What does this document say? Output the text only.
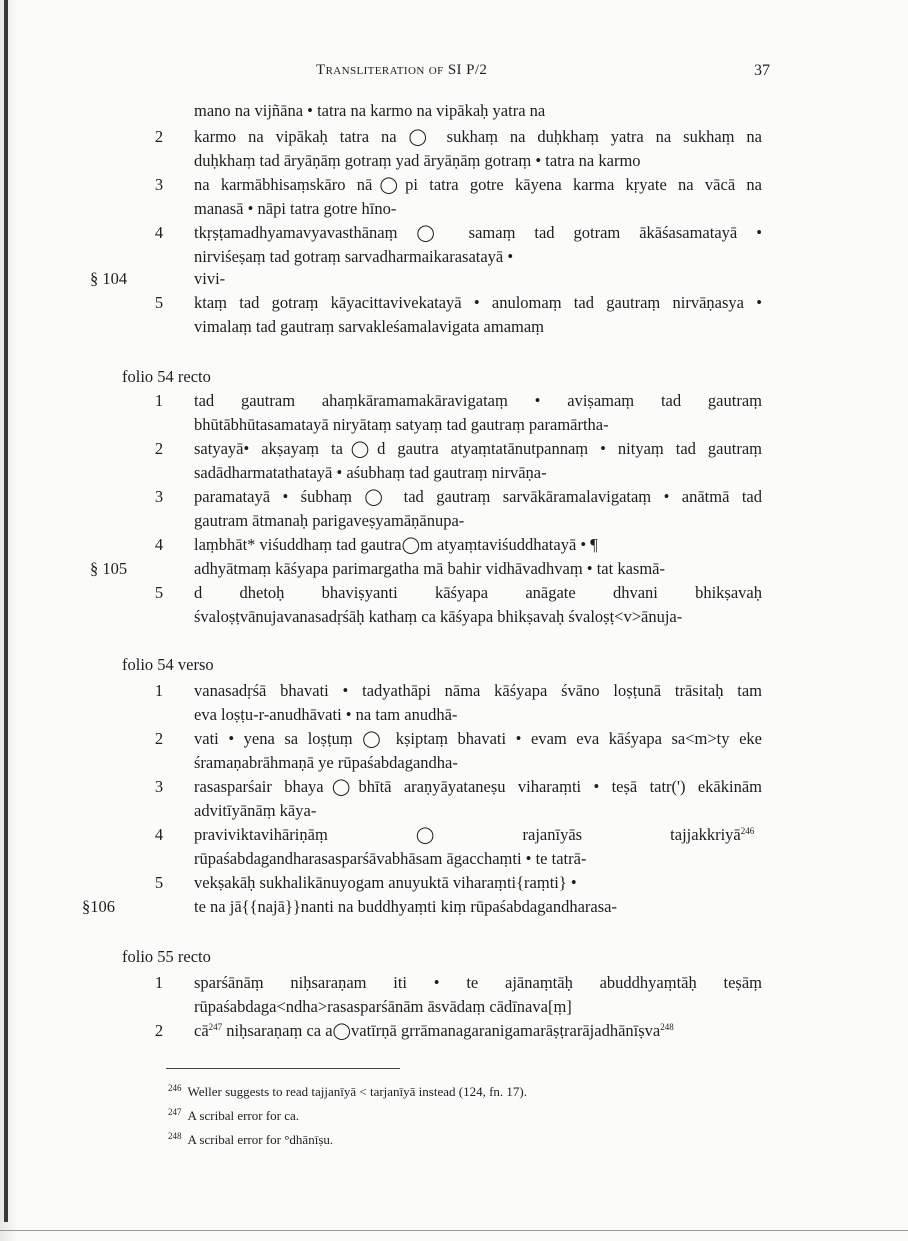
Transliteration of SI P/2	37
mano na vijñāna • tatra na karmo na vipākaḥ yatra na
2 karmo na vipākaḥ tatra na ◯ sukhaṃ na duḥkhaṃ yatra na sukhaṃ na
duḥkhaṃ tad āryāṇāṃ gotraṃ yad āryāṇāṃ gotraṃ • tatra na karmo
3 na karmābhisaṃskāro nā◯pi tatra gotre kāyena karma kṛyate na vācā na
manasā • nāpi tatra gotre hīno-
4 tkṛṣṭamadhyamavyavasthānaṃ ◯ samaṃ tad gotram ākāśasamatayā •
nirviśeṣaṃ tad gotraṃ sarvadharmaikarasatayā •
§ 104	vivi-
5 ktaṃ tad gotraṃ kāyacittavivekatayā • anulomaṃ tad gautraṃ nirvāṇasya •
vimalaṃ tad gautraṃ sarvakleśamalavigata amamaṃ
folio 54 recto
1 tad gautram ahaṃkāramamakāravigataṃ • aviṣamaṃ tad gautraṃ
bhūtābhūtasamatayā niryātaṃ satyaṃ tad gautraṃ paramārtha-
2 satyayā• akṣayaṃ ta◯d gautra atyaṃtatānutpannaṃ • nityaṃ tad gautraṃ
sadādharmatathatayā • aśubhaṃ tad gautraṃ nirvāṇa-
3 paramatayā • śubhaṃ ◯ tad gautraṃ sarvākāramalavigataṃ • anātmā tad
gautram ātmanaḥ parigaveṣyamāṇānupa-
4 laṃbhāt* viśuddhaṃ tad gautra◯m atyaṃtaviśuddhatayā • ¶
§ 105	adhyātmaṃ kāśyapa parimargatha mā bahir vidhāvadhvaṃ • tat kasmā-
5 d dhetoḥ bhaviṣyanti kāśyapa anāgate dhvani bhikṣavaḥ
śvaloṣṭvānujavanasadṛśāḥ kathaṃ ca kāśyapa bhikṣavaḥ śvaloṣṭ<v>ānuja-
folio 54 verso
1 vanasadṛśā bhavati • tadyathāpi nāma kāśyapa śvāno loṣṭunā trāsitaḥ tam
eva loṣṭu-r-anudhāvati • na tam anudhā-
2 vati • yena sa loṣṭuṃ ◯ kṣiptaṃ bhavati • evam eva kāśyapa sa<m>ty eke
śramaṇabrāhmaṇā ye rūpaśabdagandha-
3 rasasparśair bhaya◯bhītā araṇyāyataneṣu viharaṃti • teṣā tatr(') ekākinām
advitīyānāṃ kāya-
4 praviviktavihāriṇāṃ ◯ rajanīyās tajjakkriyā$^{246}$
rūpaśabdagandharasasparśāvabhāsam āgacchaṃti • te tatrā-
5 vekṣakāḥ sukhalikānuyogam anuyuktā viharaṃti{raṃti} •
§106	te na jā{{najā}}nanti na buddhyaṃti kiṃ rūpaśabdagandharasa-
folio 55 recto
1 sparśānāṃ niḥsaraṇam iti • te ajānaṃtāḥ abuddhyaṃtāḥ teṣāṃ
rūpaśabdaga<ndha>rasasparśānām āsvādaṃ cādīnava[ṃ]
2 $cā^{247}$ niḥsaraṇaṃ ca a◯vatīrṇā grrāmanagaranigamarāṣṭrarājadhānīṣva$^{248}$
$^{246}$ Weller suggests to read tajjanīyā < tarjanīyā instead (124, fn. 17).
$^{247}$ A scribal error for ca.
$^{248}$ A scribal error for °dhānīṣu.
